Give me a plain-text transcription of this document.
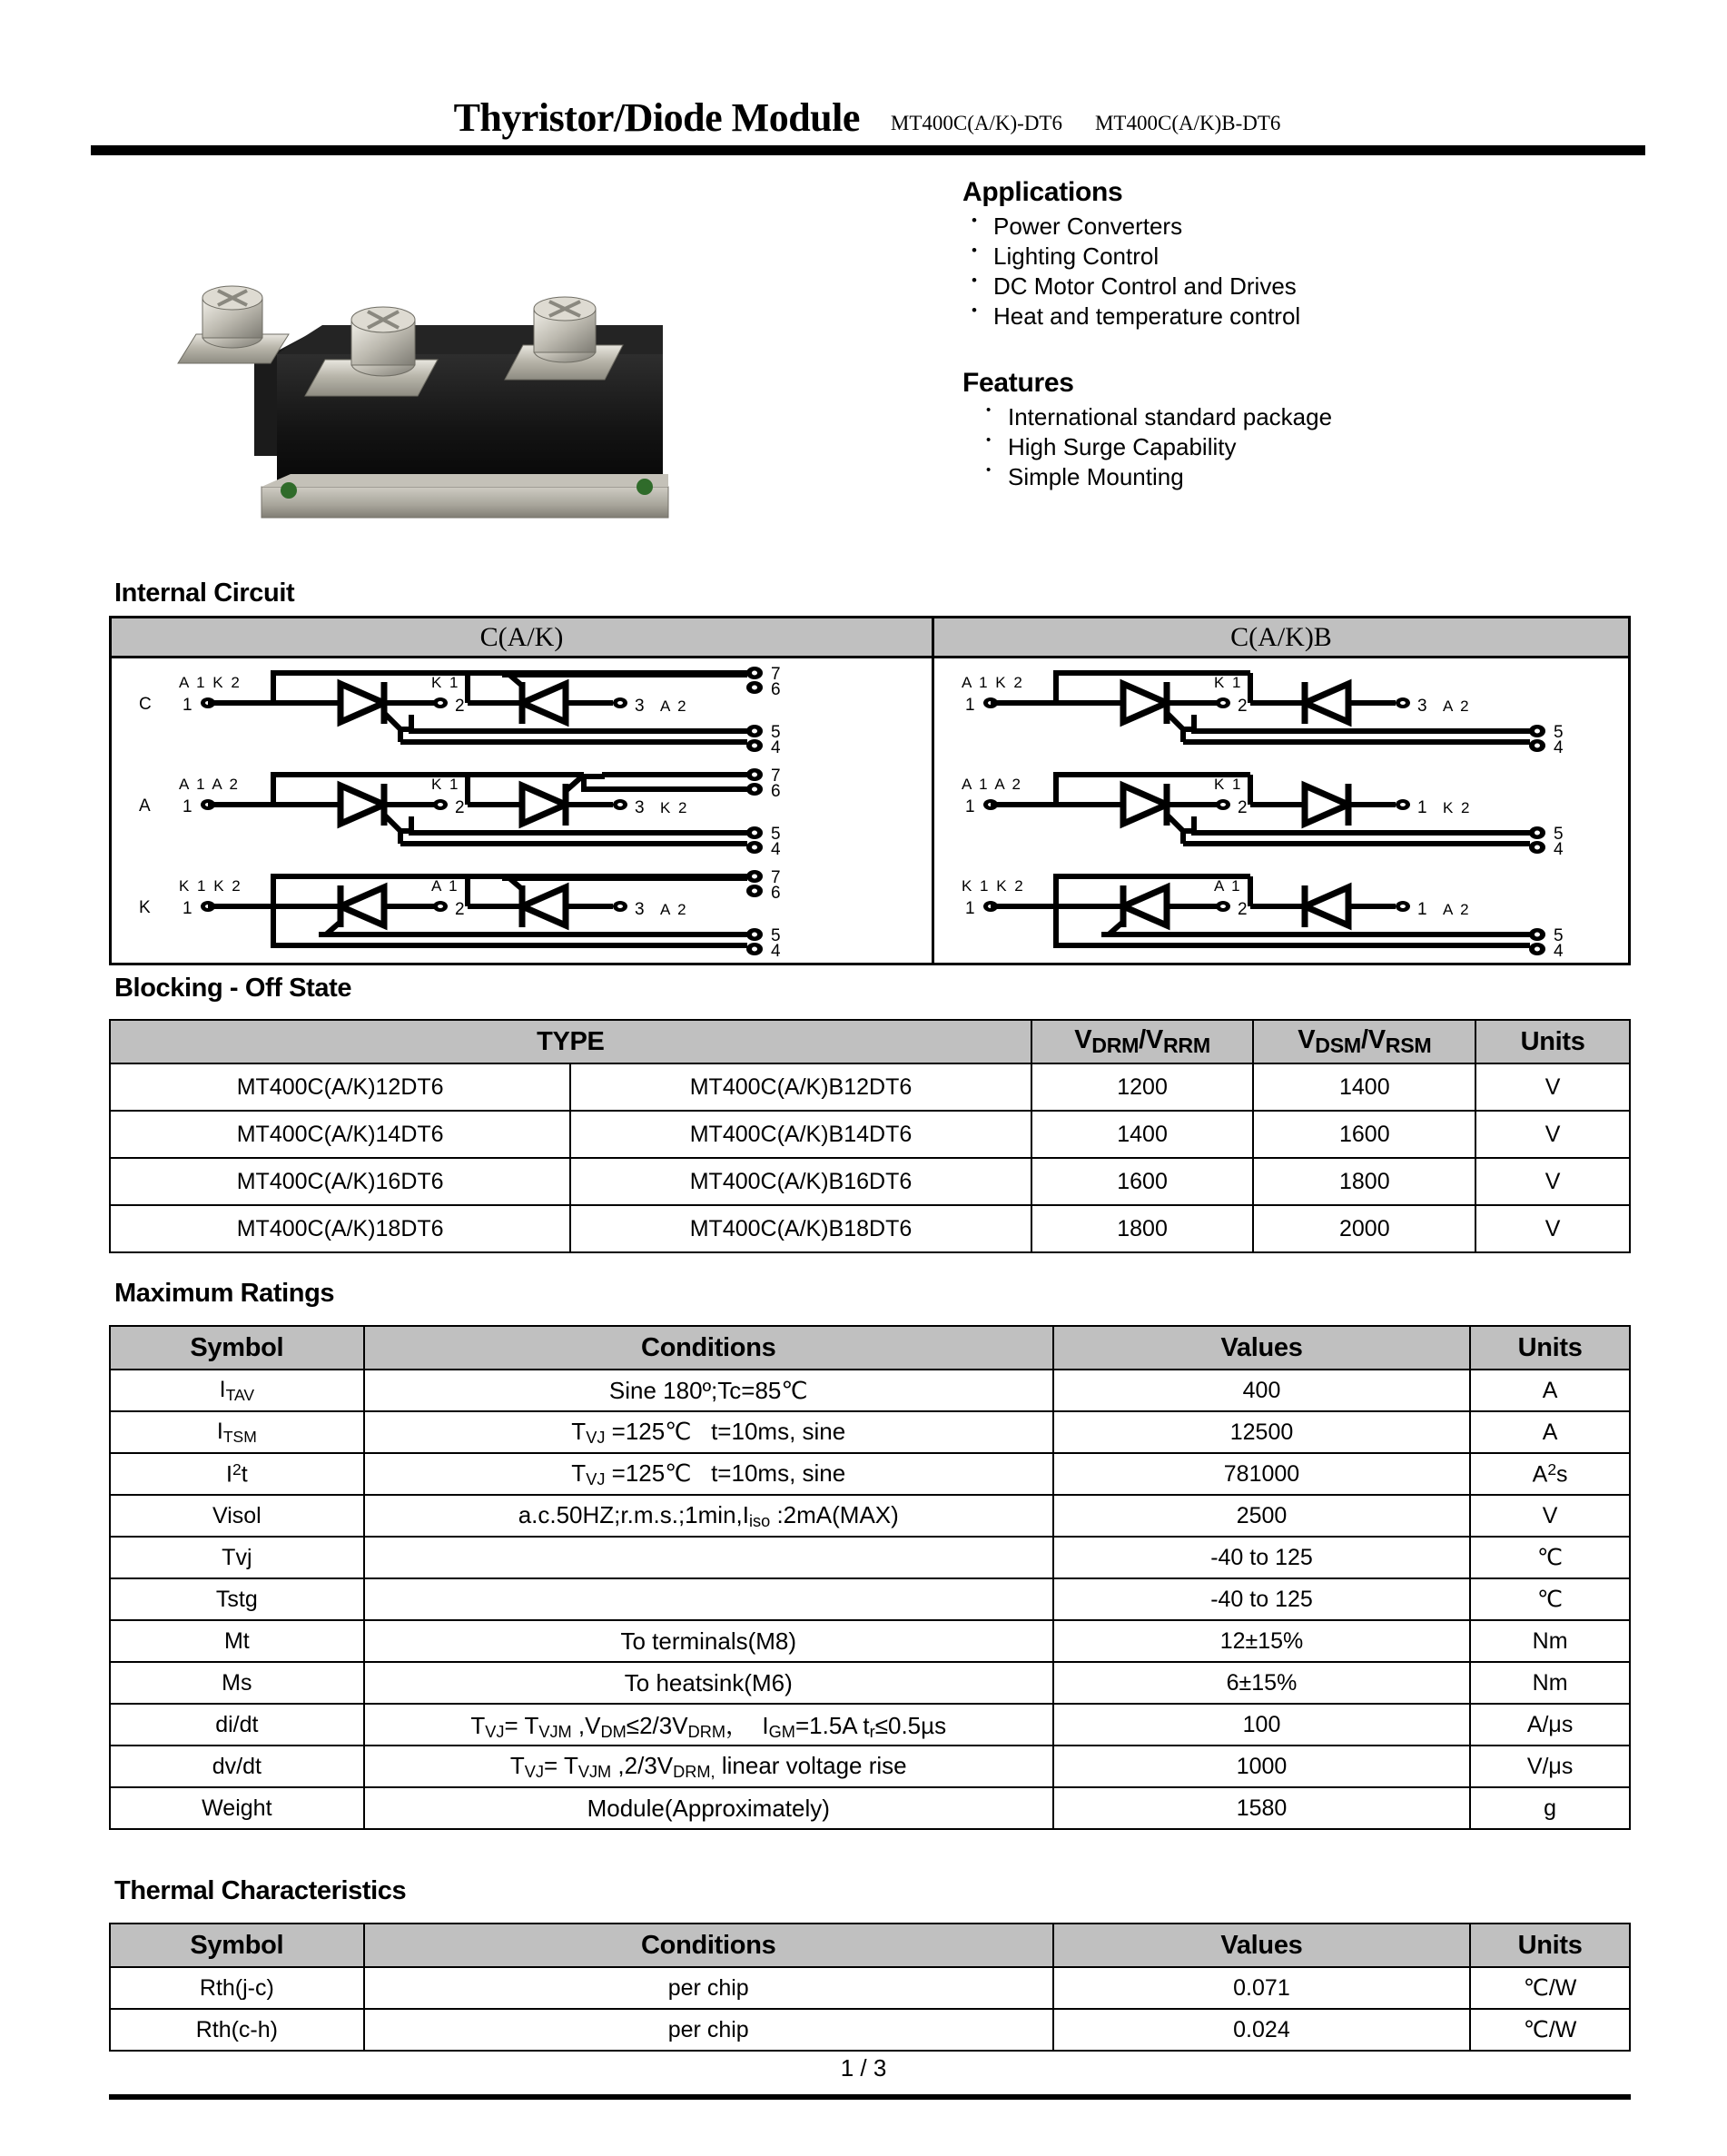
Thyristor/Diode Module MT400C(A/K)-DT6 MT400C(A/K)B-DT6
Applications
• Power Converters
• Lighting Control
• DC Motor Control and Drives
• Heat and temperature control
Features
• International standard package
• High Surge Capability
• Simple Mounting
Internal Circuit
C(A/K)	C(A/K)B
C
A 1 K 2
1
K 1
2	3 A 2
7
6
5
4
A
A 1 A 2
1
K 1
2	3 K 2
7
6
5
4
K
K 1 K 2
1
A 1
2	3 A 2
7
6
5
4
A 1 K 2
1
K 1
2	3 A 2
5
4
A 1 A 2
1
K 1
2	1 K 2
5
4
K 1 K 2
1
A 1
2	1 A 2
5
4
Blocking - Off State
TYPE		$V_{DRM}/V_{RRM}$	$V_{DSM}/V_{RSM}$	Units
MT400C(A/K)12DT6	MT400C(A/K)B12DT6	1200	1400	V
MT400C(A/K)14DT6	MT400C(A/K)B14DT6	1400	1600	V
MT400C(A/K)16DT6	MT400C(A/K)B16DT6	1600	1800	V
MT400C(A/K)18DT6	MT400C(A/K)B18DT6	1800	2000	V
Maximum Ratings
Symbol	Conditions	Values	Units
$I_{TAV}$	Sine 180º;Tc=85℃	400	A
$I_{TSM}$	$T_{VJ}$ =125℃   t=10ms, sine	12500	A
$I^2t$	$T_{VJ}$ =125℃   t=10ms, sine	781000	$A^2s$
Visol	$a.c.50HZ;r.m.s.;1\min,I_{iso}$ :2mA(MAX)	2500	V
Tvj		-40 to 125	℃
Tstg		-40 to 125	℃
Mt	To terminals(M8)	12±15%	Nm
Ms	To heatsink(M6)	6±15%	Nm
di/dt	$T_{VJ}= T_{VJM}$ $,V_{DM}\le 2/3V_{DRM}$，  $I_{GM}=1.5A$ $t_r\le 0.5\mu s$	100	A/μs
dv/dt	$T_{VJ}= T_{VJM}$ $,2/3V_{DRM,}$ linear voltage rise	1000	V/μs
Weight	Module(Approximately)	1580	g
Thermal Characteristics
Symbol	Conditions	Values	Units
Rth(j-c)	per chip	0.071	℃/W
Rth(c-h)	per chip	0.024	℃/W
1 / 3
